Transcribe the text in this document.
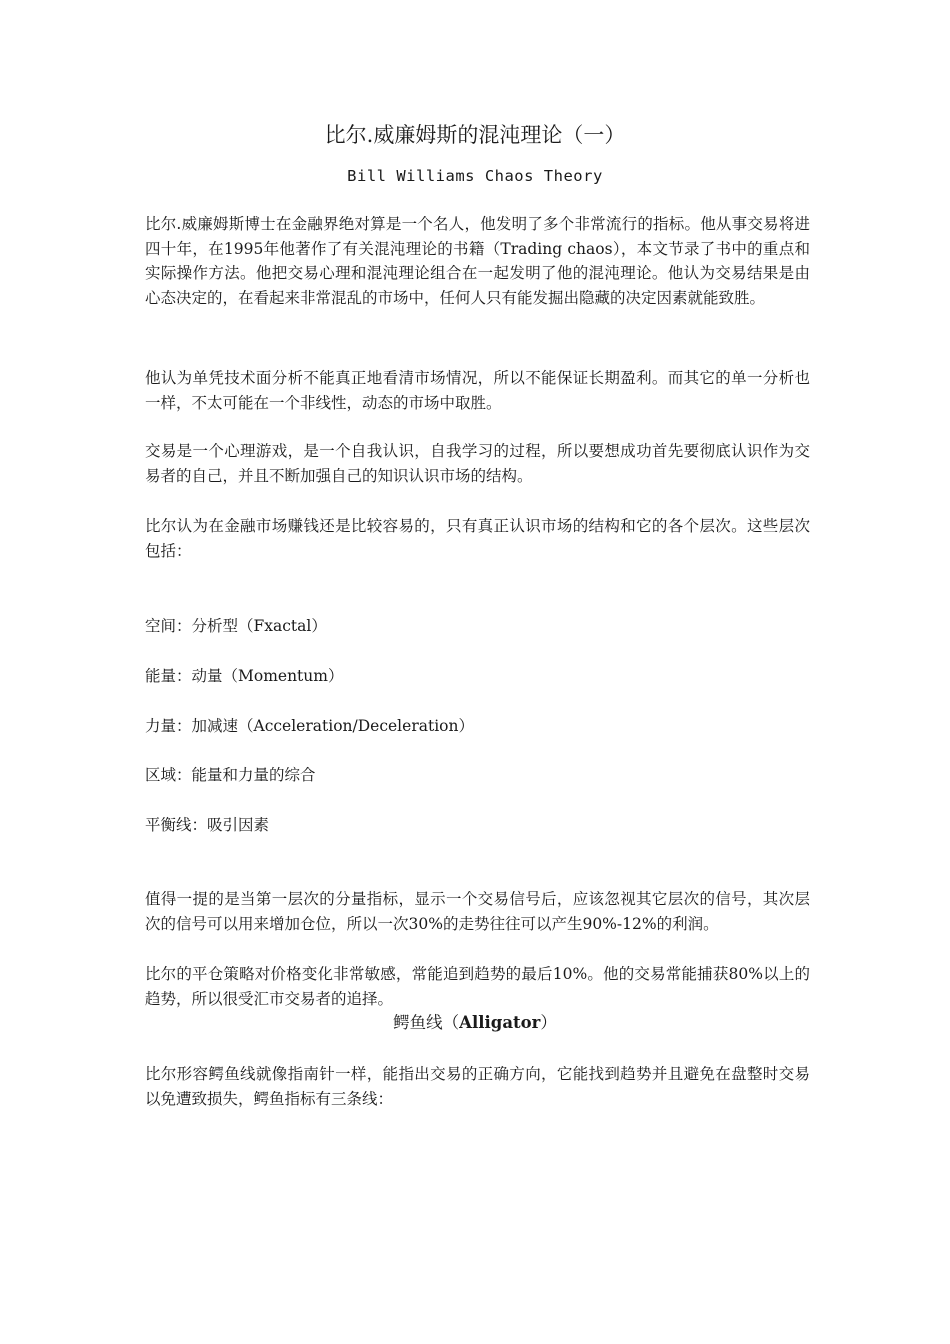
比尔.威廉姆斯的混沌理论（一）
Bill Williams Chaos Theory

比尔.威廉姆斯博士在金融界绝对算是一个名人，他发明了多个非常流行的指标。他从事交易将进四十年，在1995年他著作了有关混沌理论的书籍（Trading chaos），本文节录了书中的重点和实际操作方法。他把交易心理和混沌理论组合在一起发明了他的混沌理论。他认为交易结果是由心态决定的，在看起来非常混乱的市场中，任何人只有能发掘出隐藏的决定因素就能致胜。

他认为单凭技术面分析不能真正地看清市场情况，所以不能保证长期盈利。而其它的单一分析也一样，不太可能在一个非线性，动态的市场中取胜。

交易是一个心理游戏，是一个自我认识，自我学习的过程，所以要想成功首先要彻底认识作为交易者的自己，并且不断加强自己的知识认识市场的结构。

比尔认为在金融市场赚钱还是比较容易的，只有真正认识市场的结构和它的各个层次。这些层次包括：

空间：分析型（Fxactal）

能量：动量（Momentum）

力量：加减速（Acceleration/Deceleration）

区域：能量和力量的综合

平衡线：吸引因素

值得一提的是当第一层次的分量指标，显示一个交易信号后，应该忽视其它层次的信号，其次层次的信号可以用来增加仓位，所以一次30%的走势往往可以产生90%-12%的利润。

比尔的平仓策略对价格变化非常敏感，常能追到趋势的最后10%。他的交易常能捕获80%以上的趋势，所以很受汇市交易者的追择。

鳄鱼线（Alligator）

比尔形容鳄鱼线就像指南针一样，能指出交易的正确方向，它能找到趋势并且避免在盘整时交易以免遭致损失，鳄鱼指标有三条线：
